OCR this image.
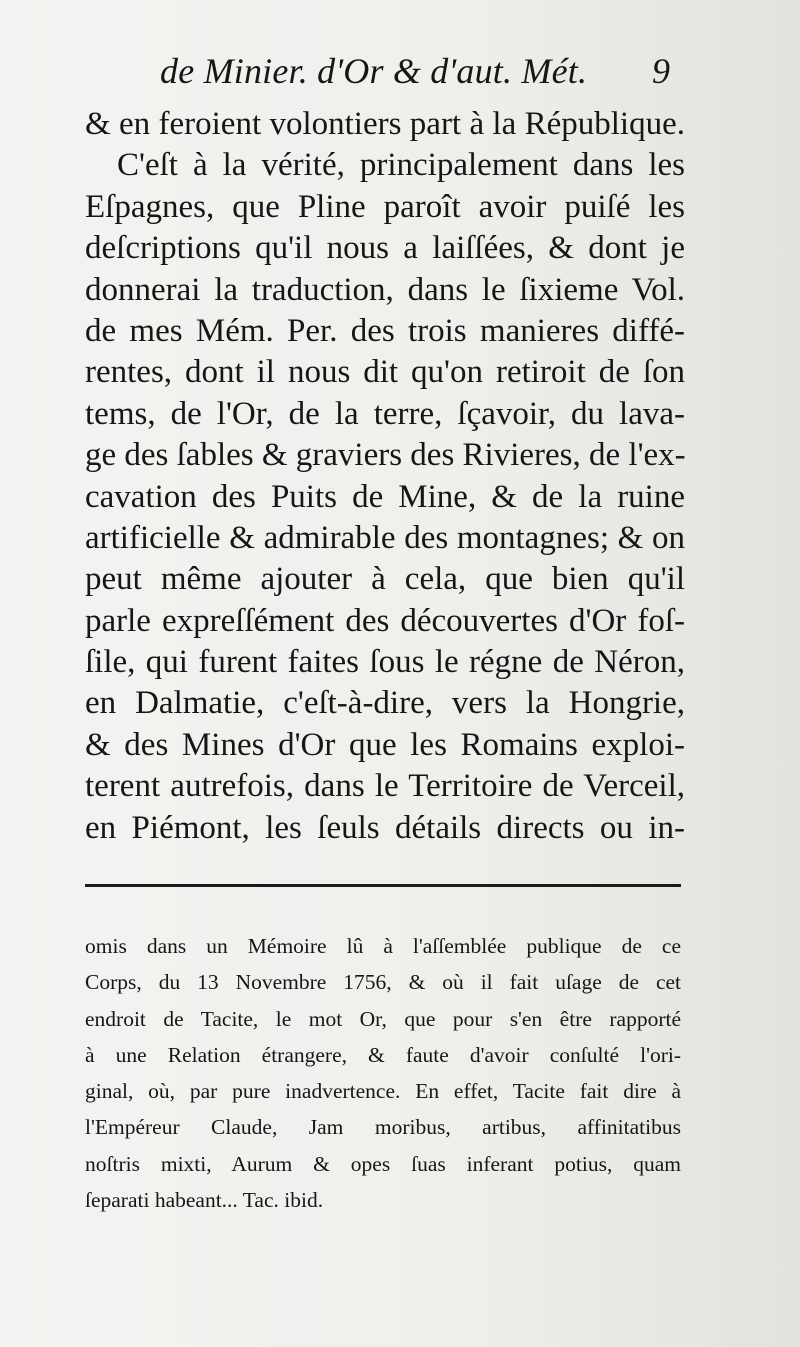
de Minier. d'Or & d'aut. Mét.	9
& en feroient volontiers part à la République.
C'eſt à la vérité, principalement dans les
Eſpagnes, que Pline paroît avoir puiſé les
deſcriptions qu'il nous a laiſſées, & dont je
donnerai la traduction, dans le ſixieme Vol.
de mes Mém. Per. des trois manieres diffé-
rentes, dont il nous dit qu'on retiroit de ſon
tems, de l'Or, de la terre, ſçavoir, du lava-
ge des ſables & graviers des Rivieres, de l'ex-
cavation des Puits de Mine, & de la ruine
artificielle & admirable des montagnes; & on
peut même ajouter à cela, que bien qu'il
parle expreſſément des découvertes d'Or foſ-
ſile, qui furent faites ſous le régne de Néron,
en Dalmatie, c'eſt-à-dire, vers la Hongrie,
& des Mines d'Or que les Romains exploi-
terent autrefois, dans le Territoire de Verceil,
en Piémont, les ſeuls détails directs ou in-
omis dans un Mémoire lû à l'aſſemblée publique de ce
Corps, du 13 Novembre 1756, & où il fait uſage de cet
endroit de Tacite, le mot Or, que pour s'en être rapporté
à une Relation étrangere, & faute d'avoir conſulté l'ori-
ginal, où, par pure inadvertence. En effet, Tacite fait dire à
l'Empéreur Claude, Jam moribus, artibus, affinitatibus
noſtris mixti, Aurum & opes ſuas inferant potius, quam
ſeparati habeant... Tac. ibid.
